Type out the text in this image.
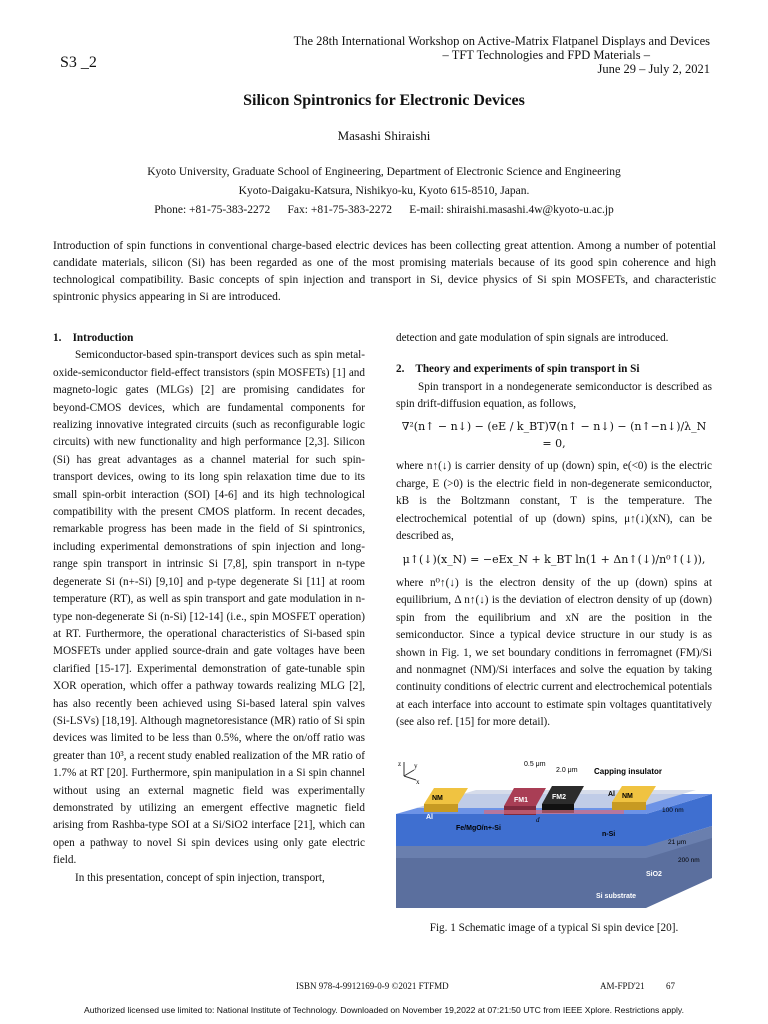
The 28th International Workshop on Active-Matrix Flatpanel Displays and Devices
– TFT Technologies and FPD Materials –
June 29 – July 2, 2021
S3 _2
Silicon Spintronics for Electronic Devices
Masashi Shiraishi
Kyoto University, Graduate School of Engineering, Department of Electronic Science and Engineering
Kyoto-Daigaku-Katsura, Nishikyo-ku, Kyoto 615-8510, Japan.
Phone: +81-75-383-2272      Fax: +81-75-383-2272      E-mail: shiraishi.masashi.4w@kyoto-u.ac.jp
Introduction of spin functions in conventional charge-based electric devices has been collecting great attention. Among a number of potential candidate materials, silicon (Si) has been regarded as one of the most promising materials because of its good spin coherence and high technological compatibility. Basic concepts of spin injection and transport in Si, device physics of Si spin MOSFETs, and characteristic spintronic physics appearing in Si are introduced.

1.    Introduction

Semiconductor-based spin-transport devices such as spin metal-oxide-semiconductor field-effect transistors (spin MOSFETs) [1] and magneto-logic gates (MLGs) [2] are promising candidates for beyond-CMOS devices, which are fundamental components for realizing innovative integrated circuits (such as reconfigurable logic circuits) with new functionality and high performance [2,3]. Silicon (Si) has great advantages as a channel material for such spin-transport devices, owing to its long spin relaxation time due to its small spin-orbit interaction (SOI) [4-6] and its high technological compatibility with the present CMOS platform. In recent decades, remarkable progress has been made in the field of Si spintronics, including experimental demonstrations of spin injection and long-range spin transport in intrinsic Si [7,8], spin transport in n-type degenerate Si (n+-Si) [9,10] and p-type degenerate Si [11] at room temperature (RT), as well as spin transport and gate modulation in n-type non-degenerate Si (n-Si) [12-14] (i.e., spin MOSFET operation) at RT. Furthermore, the operational characteristics of Si-based spin MOSFETs under applied source-drain and gate voltages have been clarified [15-17]. Experimental demonstration of gate-tunable spin XOR operation, which offer a pathway towards realizing MLG [2], has also recently been achieved using Si-based lateral spin valves (Si-LSVs) [18,19]. Although magnetoresistance (MR) ratio of Si spin devices was limited to be less than 0.5%, where the on/off ratio was greater than 10³, a recent study enabled realization of the MR ratio of 1.7% at RT [20]. Furthermore, spin manipulation in a Si spin channel without using an external magnetic field was experimentally demonstrated by utilizing an emergent effective magnetic field arising from Rashba-type SOI at a Si/SiO2 interface [21], which can open a pathway to novel Si spin devices using only gate electric field.

In this presentation, concept of spin injection, transport,

detection and gate modulation of spin signals are introduced.

2.    Theory and experiments of spin transport in Si

Spin transport in a nondegenerate semiconductor is described as spin drift-diffusion equation, as follows,

∇²(n↑ − n↓) − (eE / k_BT)∇(n↑ − n↓) − (n↑−n↓)/λ_N = 0,

where n↑(↓) is carrier density of up (down) spin, e(<0) is the electric charge, E (>0) is the electric field in non-degenerate semiconductor, kB is the Boltzmann constant, T is the temperature. The electrochemical potential of up (down) spins, μ↑(↓)(xN), can be described as,

μ↑(↓)(x_N) = −eEx_N + k_BT ln(1 + Δn↑(↓)/n⁰↑(↓)),

where n⁰↑(↓) is the electron density of the up (down) spins at equilibrium, Δ n↑(↓) is the deviation of electron density of up (down) spin from the equilibrium and xN are the position in the semiconductor. Since a typical device structure in our study is as shown in Fig. 1, we set boundary conditions in ferromagnet (FM)/Si and nonmagnet (NM)/Si interfaces and solve the equation by taking continuity conditions of electric current and electrochemical potentials at each interface into account to estimate spin voltages quantitatively (see also ref. [15] for more detail).

z y
x
Capping insulator
0.5 μm
2.0 μm
NM
Al
FM1	FM2	NM
Al
d
Fe/MgO/n+-Si
n-Si
100 nm
21 μm
200 nm
SiO2
Si substrate
Fig. 1 Schematic image of a typical Si spin device [20].
ISBN 978-4-9912169-0-9 ©2021 FTFMD	AM-FPD'21 67
Authorized licensed use limited to: National Institute of Technology. Downloaded on November 19,2022 at 07:21:50 UTC from IEEE Xplore. Restrictions apply.
